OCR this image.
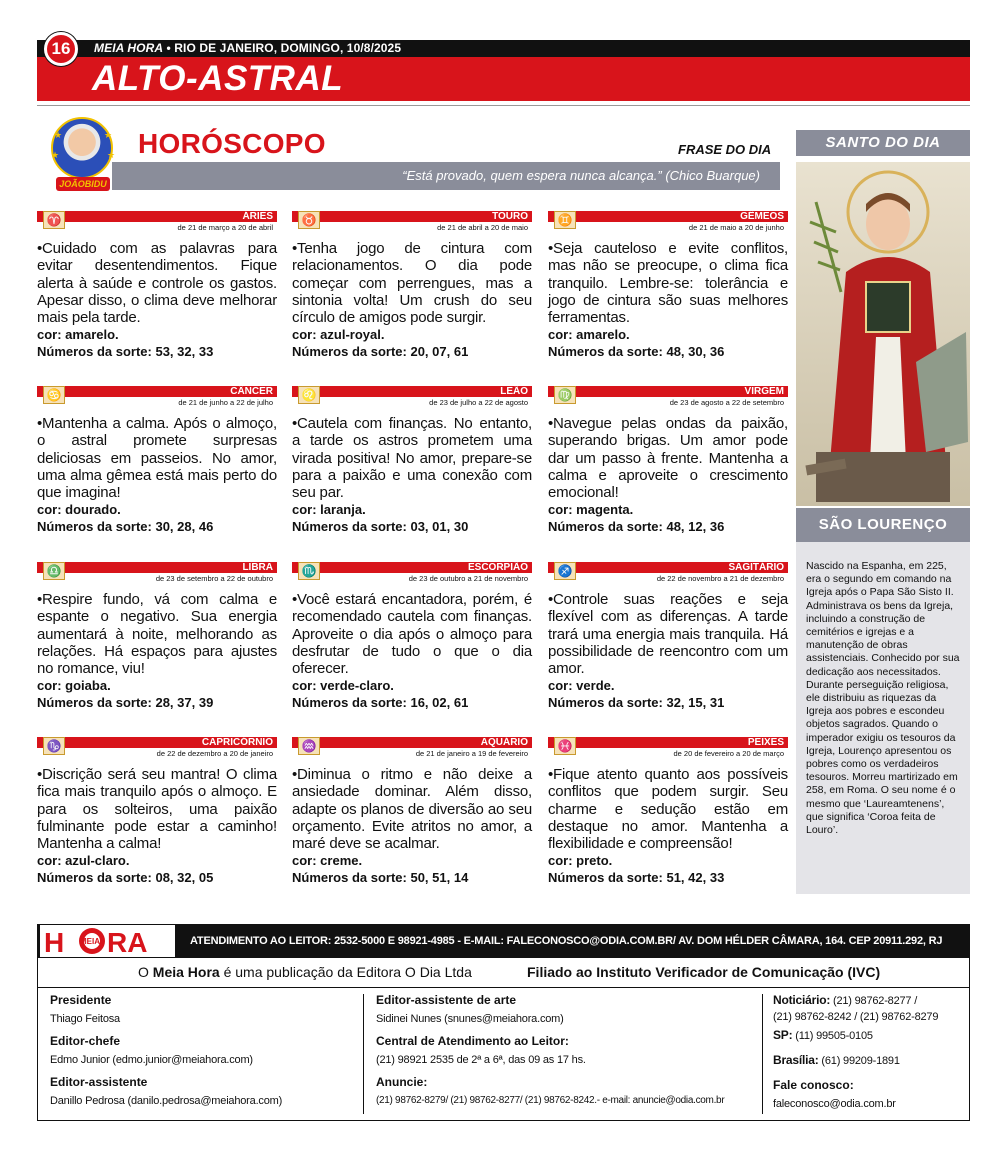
16	MEIA HORA • RIO DE JANEIRO, DOMINGO, 10/8/2025
ALTO-ASTRAL
★	★
★	★
JOÃOBIDU
HORÓSCOPO	FRASE DO DIA
“Está provado, quem espera nunca alcança.” (Chico Buarque)
♈	ÁRIES
de 21 de março a 20 de abril
•Cuidado com as palavras para evitar desentendimentos. Fique alerta à saúde e controle os gastos. Apesar disso, o clima deve melhorar mais pela tarde.
cor: amarelo.
Números da sorte: 53, 32, 33
♉	TOURO
de 21 de abril a 20 de maio
•Tenha jogo de cintura com relacionamentos. O dia pode começar com perrengues, mas a sintonia volta! Um crush do seu círculo de amigos pode surgir.
cor: azul-royal.
Números da sorte: 20, 07, 61
♊	GÊMEOS
de 21 de maio a 20 de junho
•Seja cauteloso e evite conflitos, mas não se preocupe, o clima fica tranquilo. Lembre-se: tolerância e jogo de cintura são suas melhores ferramentas.
cor: amarelo.
Números da sorte: 48, 30, 36
♋	CÂNCER
de 21 de junho a 22 de julho
•Mantenha a calma. Após o almoço, o astral promete surpresas deliciosas em passeios. No amor, uma alma gêmea está mais perto do que imagina!
cor: dourado.
Números da sorte: 30, 28, 46
♌	LEÃO
de 23 de julho a 22 de agosto
•Cautela com finanças. No entanto, a tarde os astros prometem uma virada positiva! No amor, prepare-se para a paixão e uma conexão com seu par.
cor: laranja.
Números da sorte: 03, 01, 30
♍	VIRGEM
de 23 de agosto a 22 de setembro
•Navegue pelas ondas da paixão, superando brigas. Um amor pode dar um passo à frente. Mantenha a calma e aproveite o crescimento emocional!
cor: magenta.
Números da sorte: 48, 12, 36
♎	LIBRA
de 23 de setembro a 22 de outubro
•Respire fundo, vá com calma e espante o negativo. Sua energia aumentará à noite, melhorando as relações. Há espaços para ajustes no romance, viu!
cor: goiaba.
Números da sorte: 28, 37, 39
♏	ESCORPIÃO
de 23 de outubro a 21 de novembro
•Você estará encantadora, porém, é recomendado cautela com finanças. Aproveite o dia após o almoço para desfrutar de tudo o que o dia oferecer.
cor: verde-claro.
Números da sorte: 16, 02, 61
♐	SAGITÁRIO
de 22 de novembro a 21 de dezembro
•Controle suas reações e seja flexível com as diferenças. A tarde trará uma energia mais tranquila. Há possibilidade de reencontro com um amor.
cor: verde.
Números da sorte: 32, 15, 31
♑	CAPRICÓRNIO
de 22 de dezembro a 20 de janeiro
•Discrição será seu mantra! O clima fica mais tranquilo após o almoço. E para os solteiros, uma paixão fulminante pode estar a caminho! Mantenha a calma!
cor: azul-claro.
Números da sorte: 08, 32, 05
♒	AQUÁRIO
de 21 de janeiro a 19 de fevereiro
•Diminua o ritmo e não deixe a ansiedade dominar. Além disso, adapte os planos de diversão ao seu orçamento. Evite atritos no amor, a maré deve se acalmar.
cor: creme.
Números da sorte: 50, 51, 14
♓	PEIXES
de 20 de fevereiro a 20 de março
•Fique atento quanto aos possíveis conflitos que podem surgir. Seu charme e sedução estão em destaque no amor. Mantenha a flexibilidade e compreensão!
cor: preto.
Números da sorte: 51, 42, 33
SANTO DO DIA
SÃO LOURENÇO
Nascido na Espanha, em 225, era o segundo em comando na Igreja após o Papa São Sisto II. Administrava os bens da Igreja, incluindo a construção de cemitérios e igrejas e a manutenção de obras assistenciais. Conhecido por sua dedicação aos necessitados. Durante perseguição religiosa, ele distribuiu as riquezas da Igreja aos pobres e escondeu objetos sagrados. Quando o imperador exigiu os tesouros da Igreja, Lourenço apresentou os pobres como os verdadeiros tesouros. Morreu martirizado em 258, em Roma. O seu nome é o mesmo que ‘Laureamtenens’, que significa ‘Coroa feita de Louro’.
H MEIA RA	ATENDIMENTO AO LEITOR: 2532-5000 E 98921-4985 - E-MAIL: FALECONOSCO@ODIA.COM.BR/ AV. DOM HÉLDER CÂMARA, 164. CEP 20911.292, RJ
O Meia Hora é uma publicação da Editora O Dia Ltda	Filiado ao Instituto Verificador de Comunicação (IVC)
Presidente
Thiago Feitosa
Editor-chefe
Edmo Junior (edmo.junior@meiahora.com)
Editor-assistente
Danillo Pedrosa (danilo.pedrosa@meiahora.com)
Editor-assistente de arte
Sidinei Nunes (snunes@meiahora.com)
Central de Atendimento ao Leitor:
(21) 98921 2535 de 2ª a 6ª, das 09 as 17 hs.
Anuncie:
(21) 98762-8279/ (21) 98762-8277/ (21) 98762-8242.- e-mail: anuncie@odia.com.br
Noticiário: (21) 98762-8277 /
(21) 98762-8242 / (21) 98762-8279
SP: (11) 99505-0105
Brasília: (61) 99209-1891
Fale conosco:
faleconosco@odia.com.br
